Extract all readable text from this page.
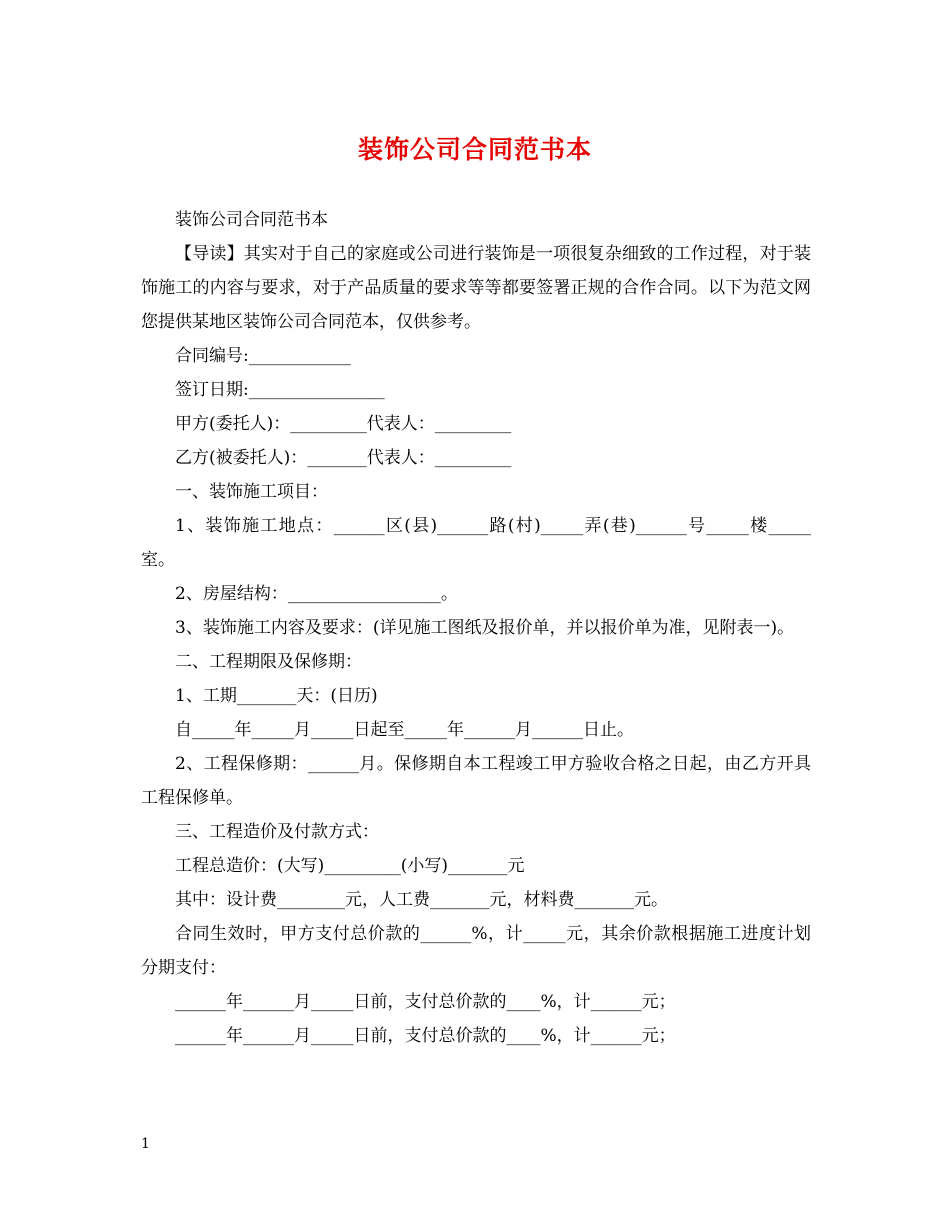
装饰公司合同范书本

装饰公司合同范书本

【导读】其实对于自己的家庭或公司进行装饰是一项很复杂细致的工作过程，对于装饰施工的内容与要求，对于产品质量的要求等等都要签署正规的合作合同。以下为范文网您提供某地区装饰公司合同范本，仅供参考。

合同编号:____________

签订日期:________________

甲方(委托人)：_________代表人：_________

乙方(被委托人)：_______代表人：_________

一、装饰施工项目：

1、装饰施工地点：______区(县)______路(村)_____弄(巷)______号_____楼_____室。

2、房屋结构：__________________。

3、装饰施工内容及要求：(详见施工图纸及报价单，并以报价单为准，见附表一)。

二、工程期限及保修期：

1、工期_______天：(日历)

自_____年_____月_____日起至_____年______月______日止。

2、工程保修期：______月。保修期自本工程竣工甲方验收合格之日起，由乙方开具工程保修单。

三、工程造价及付款方式：

工程总造价：(大写)_________(小写)_______元

其中：设计费________元，人工费_______元，材料费_______元。

合同生效时，甲方支付总价款的______%，计_____元，其余价款根据施工进度计划分期支付：

______年______月_____日前，支付总价款的____%，计______元；

______年______月_____日前，支付总价款的____%，计______元；

1
